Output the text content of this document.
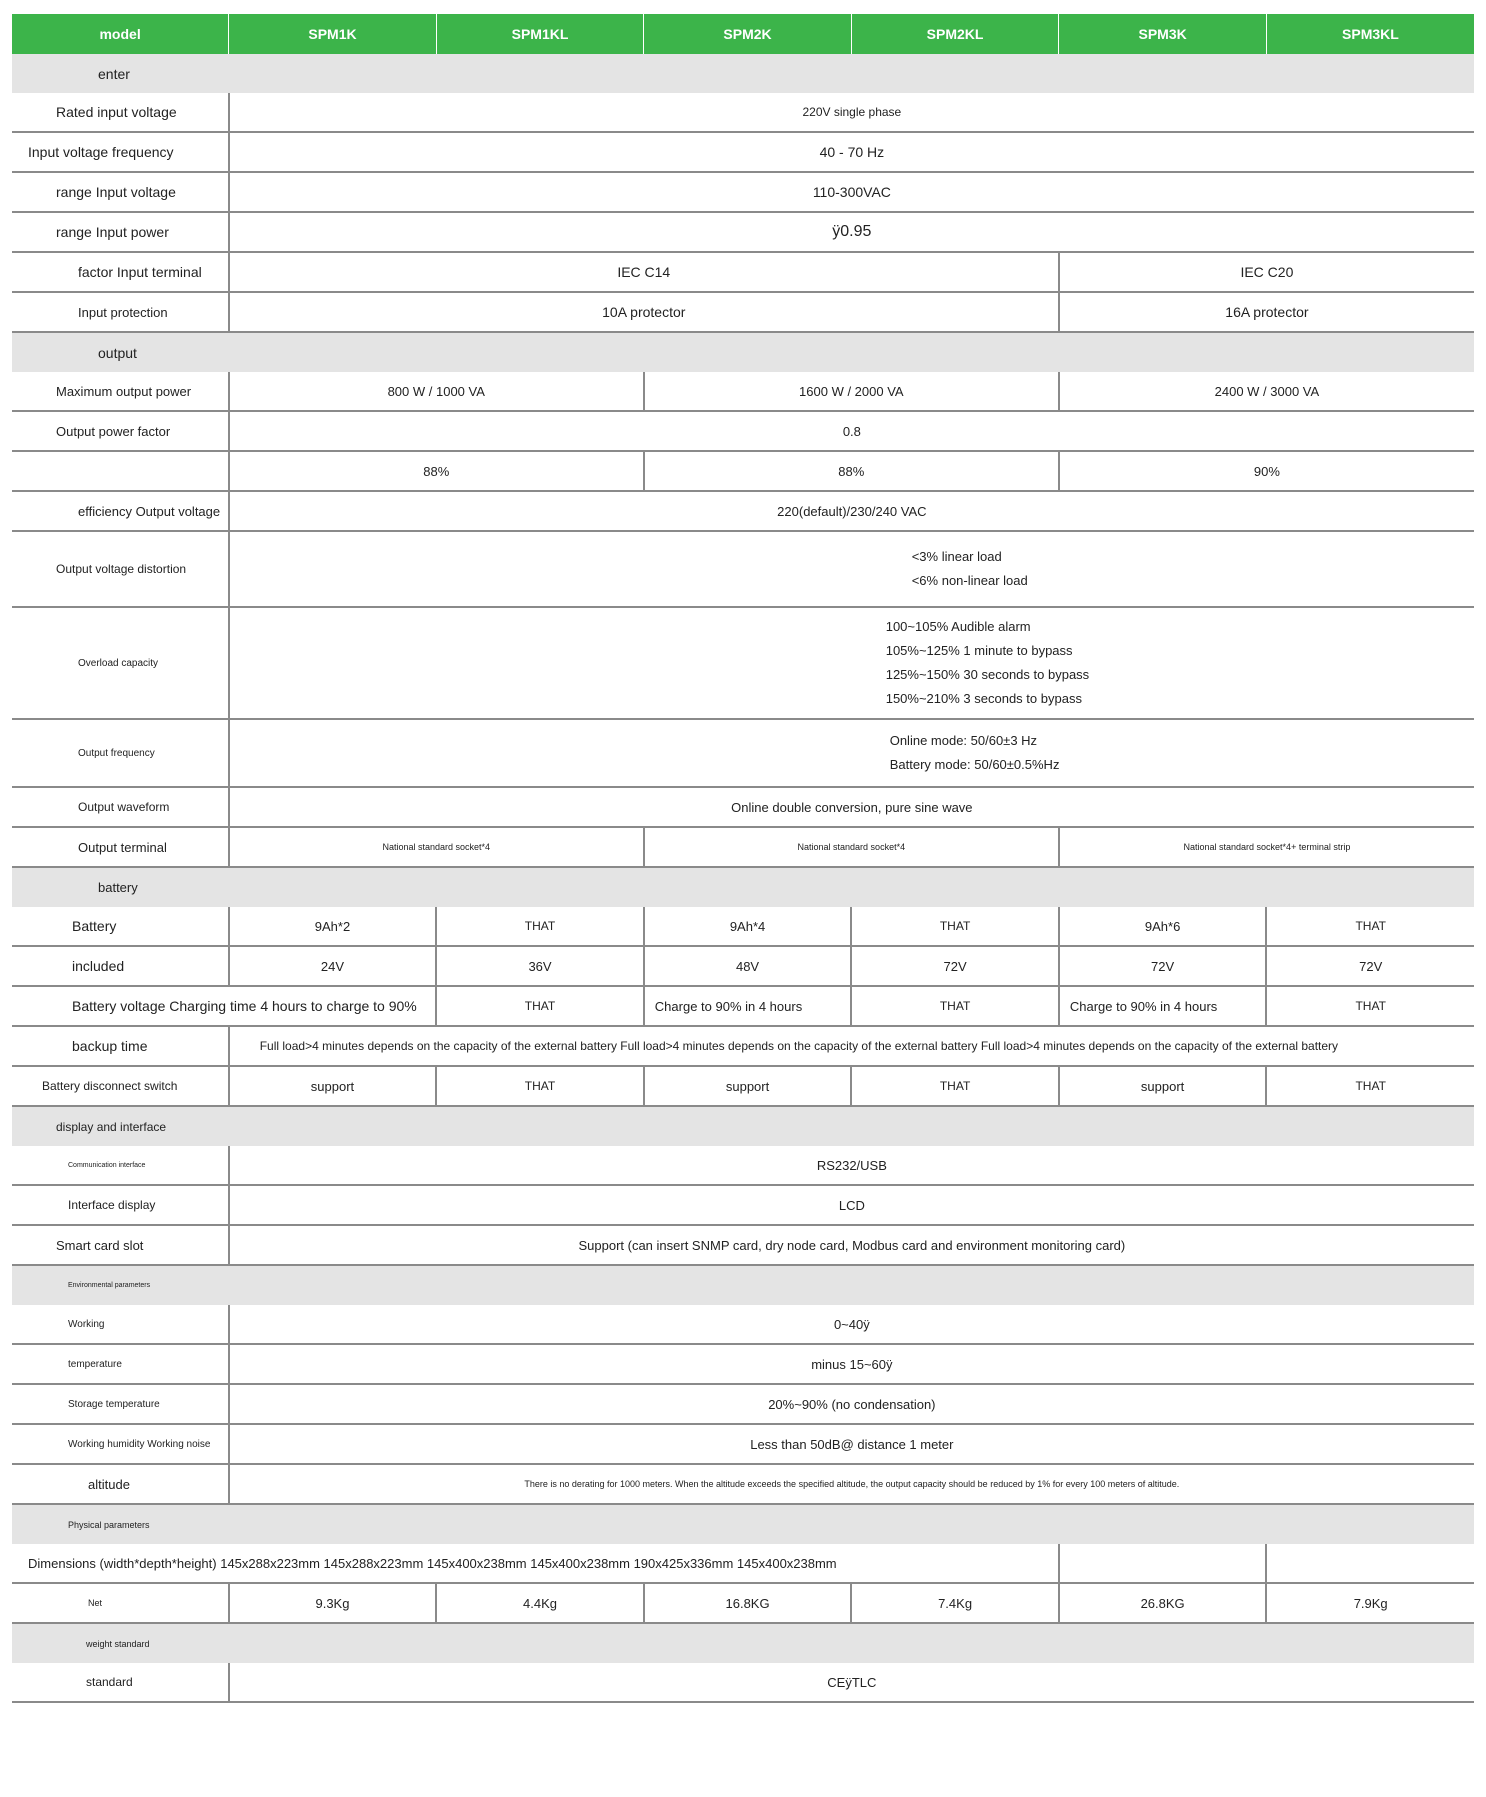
model	SPM1K	SPM1KL	SPM2K	SPM2KL	SPM3K	SPM3KL
enter						
Rated input voltage	220V single phase					
Input voltage frequency	40 - 70 Hz					
range Input voltage	110-300VAC					
range Input power	ÿ0.95					
factor Input terminal	IEC C14				IEC C20	
Input protection	10A protector				16A protector	
output						
Maximum output power	800 W / 1000 VA		1600 W / 2000 VA		2400 W / 3000 VA	
Output power factor	0.8					
	88%		88%		90%	
efficiency Output voltage	220(default)/230/240 VAC					
Output voltage distortion	<3% linear load
<6% non-linear load					

Overload capacity	100~105% Audible alarm
105%~125% 1 minute to bypass
125%~150% 30 seconds to bypass
150%~210% 3 seconds to bypass					

Output frequency	Online mode: 50/60±3 Hz
Battery mode: 50/60±0.5%Hz					

Output waveform	Online double conversion, pure sine wave					
Output terminal	National standard socket*4		National standard socket*4		National standard socket*4+ terminal strip	
battery						
Battery	9Ah*2	THAT	9Ah*4	THAT	9Ah*6	THAT
included	24V	36V	48V	72V	72V	72V
Battery voltage Charging time 4 hours to charge to 90%		THAT	Charge to 90% in 4 hours	THAT	Charge to 90% in 4 hours	THAT
backup time	Full load>4 minutes depends on the capacity of the external battery Full load>4 minutes depends on the capacity of the external battery Full load>4 minutes depends on the capacity of the external battery					
Battery disconnect switch	support	THAT	support	THAT	support	THAT
display and interface						
Communication interface	RS232/USB					
Interface display	LCD					
Smart card slot	Support (can insert SNMP card, dry node card, Modbus card and environment monitoring card)					
Environmental parameters						
Working	0~40ÿ					
temperature	minus 15~60ÿ					
Storage temperature	20%~90% (no condensation)					
Working humidity Working noise	Less than 50dB@ distance 1 meter					
altitude	There is no derating for 1000 meters. When the altitude exceeds the specified altitude, the output capacity should be reduced by 1% for every 100 meters of altitude.					
Physical parameters						
Dimensions (width*depth*height) 145x288x223mm 145x288x223mm 145x400x238mm 145x400x238mm 190x425x336mm 145x400x238mm						
Net	9.3Kg	4.4Kg	16.8KG	7.4Kg	26.8KG	7.9Kg
weight standard						
standard	CEÿTLC					
